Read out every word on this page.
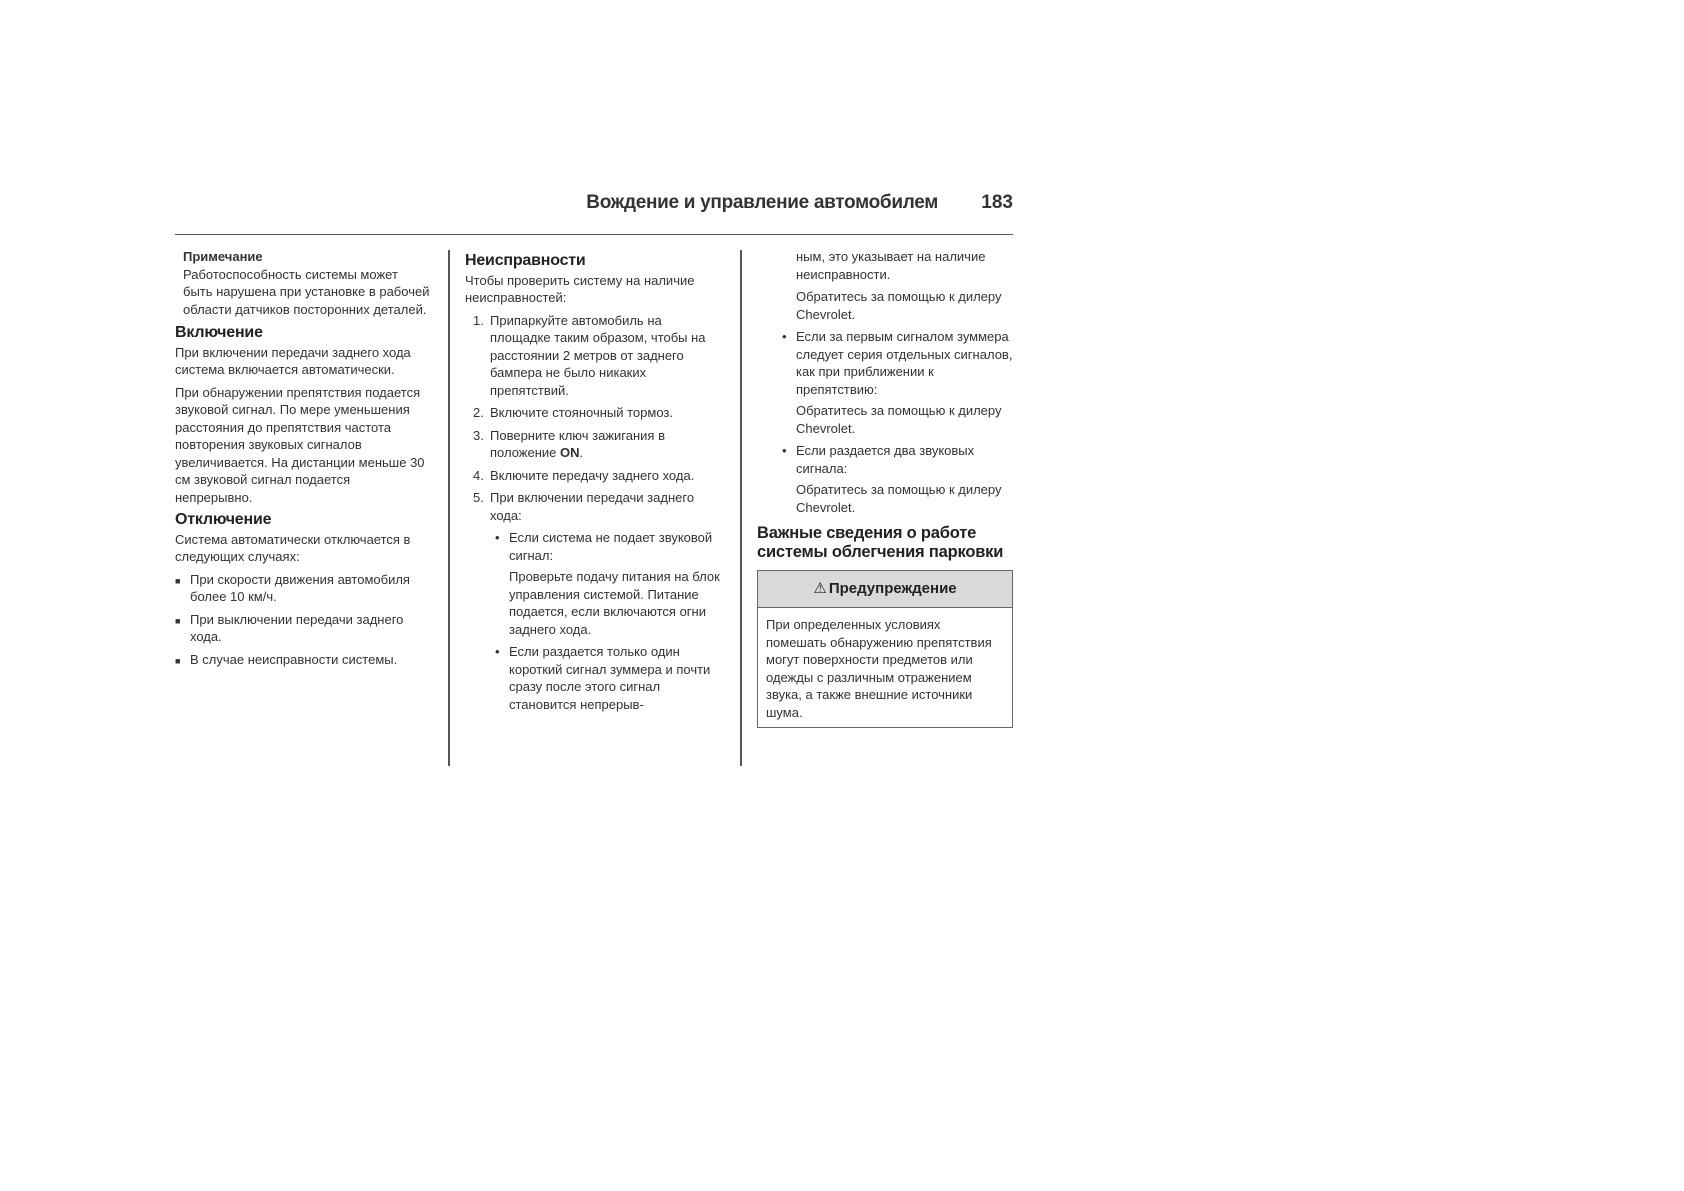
Вождение и управление автомобилем 183
Примечание
Работоспособность системы может быть нарушена при установке в рабочей области датчиков посторонних деталей.
Включение

При включении передачи заднего хода система включается автоматически.

При обнаружении препятствия подается звуковой сигнал. По мере уменьшения расстояния до препятствия частота повторения звуковых сигналов увеличивается. На дистанции меньше 30 см звуковой сигнал подается непрерывно.

Отключение

Система автоматически отключается в следующих случаях:

■ При скорости движения автомобиля более 10 км/ч.
■ При выключении передачи заднего хода.
■ В случае неисправности системы.
Неисправности

Чтобы проверить систему на наличие неисправностей:

1. Припаркуйте автомобиль на площадке таким образом, чтобы на расстоянии 2 метров от заднего бампера не было никаких препятствий.
2. Включите стояночный тормоз.
3. Поверните ключ зажигания в положение ON.
4. Включите передачу заднего хода.
5. При включении передачи заднего хода:
• Если система не подает звуковой сигнал:

Проверьте подачу питания на блок управления системой. Питание подается, если включаются огни заднего хода.

• Если раздается только один короткий сигнал зуммера и почти сразу после этого сигнал становится непрерыв-

ным, это указывает на наличие неисправности.

Обратитесь за помощью к дилеру Chevrolet.

• Если за первым сигналом зуммера следует серия отдельных сигналов, как при приближении к препятствию:

Обратитесь за помощью к дилеру Chevrolet.

• Если раздается два звуковых сигнала:

Обратитесь за помощью к дилеру Chevrolet.

Важные сведения о работе системы облегчения парковки
⚠ Предупреждение
При определенных условиях помешать обнаружению препятствия могут поверхности предметов или одежды с различным отражением звука, а также внешние источники шума.
